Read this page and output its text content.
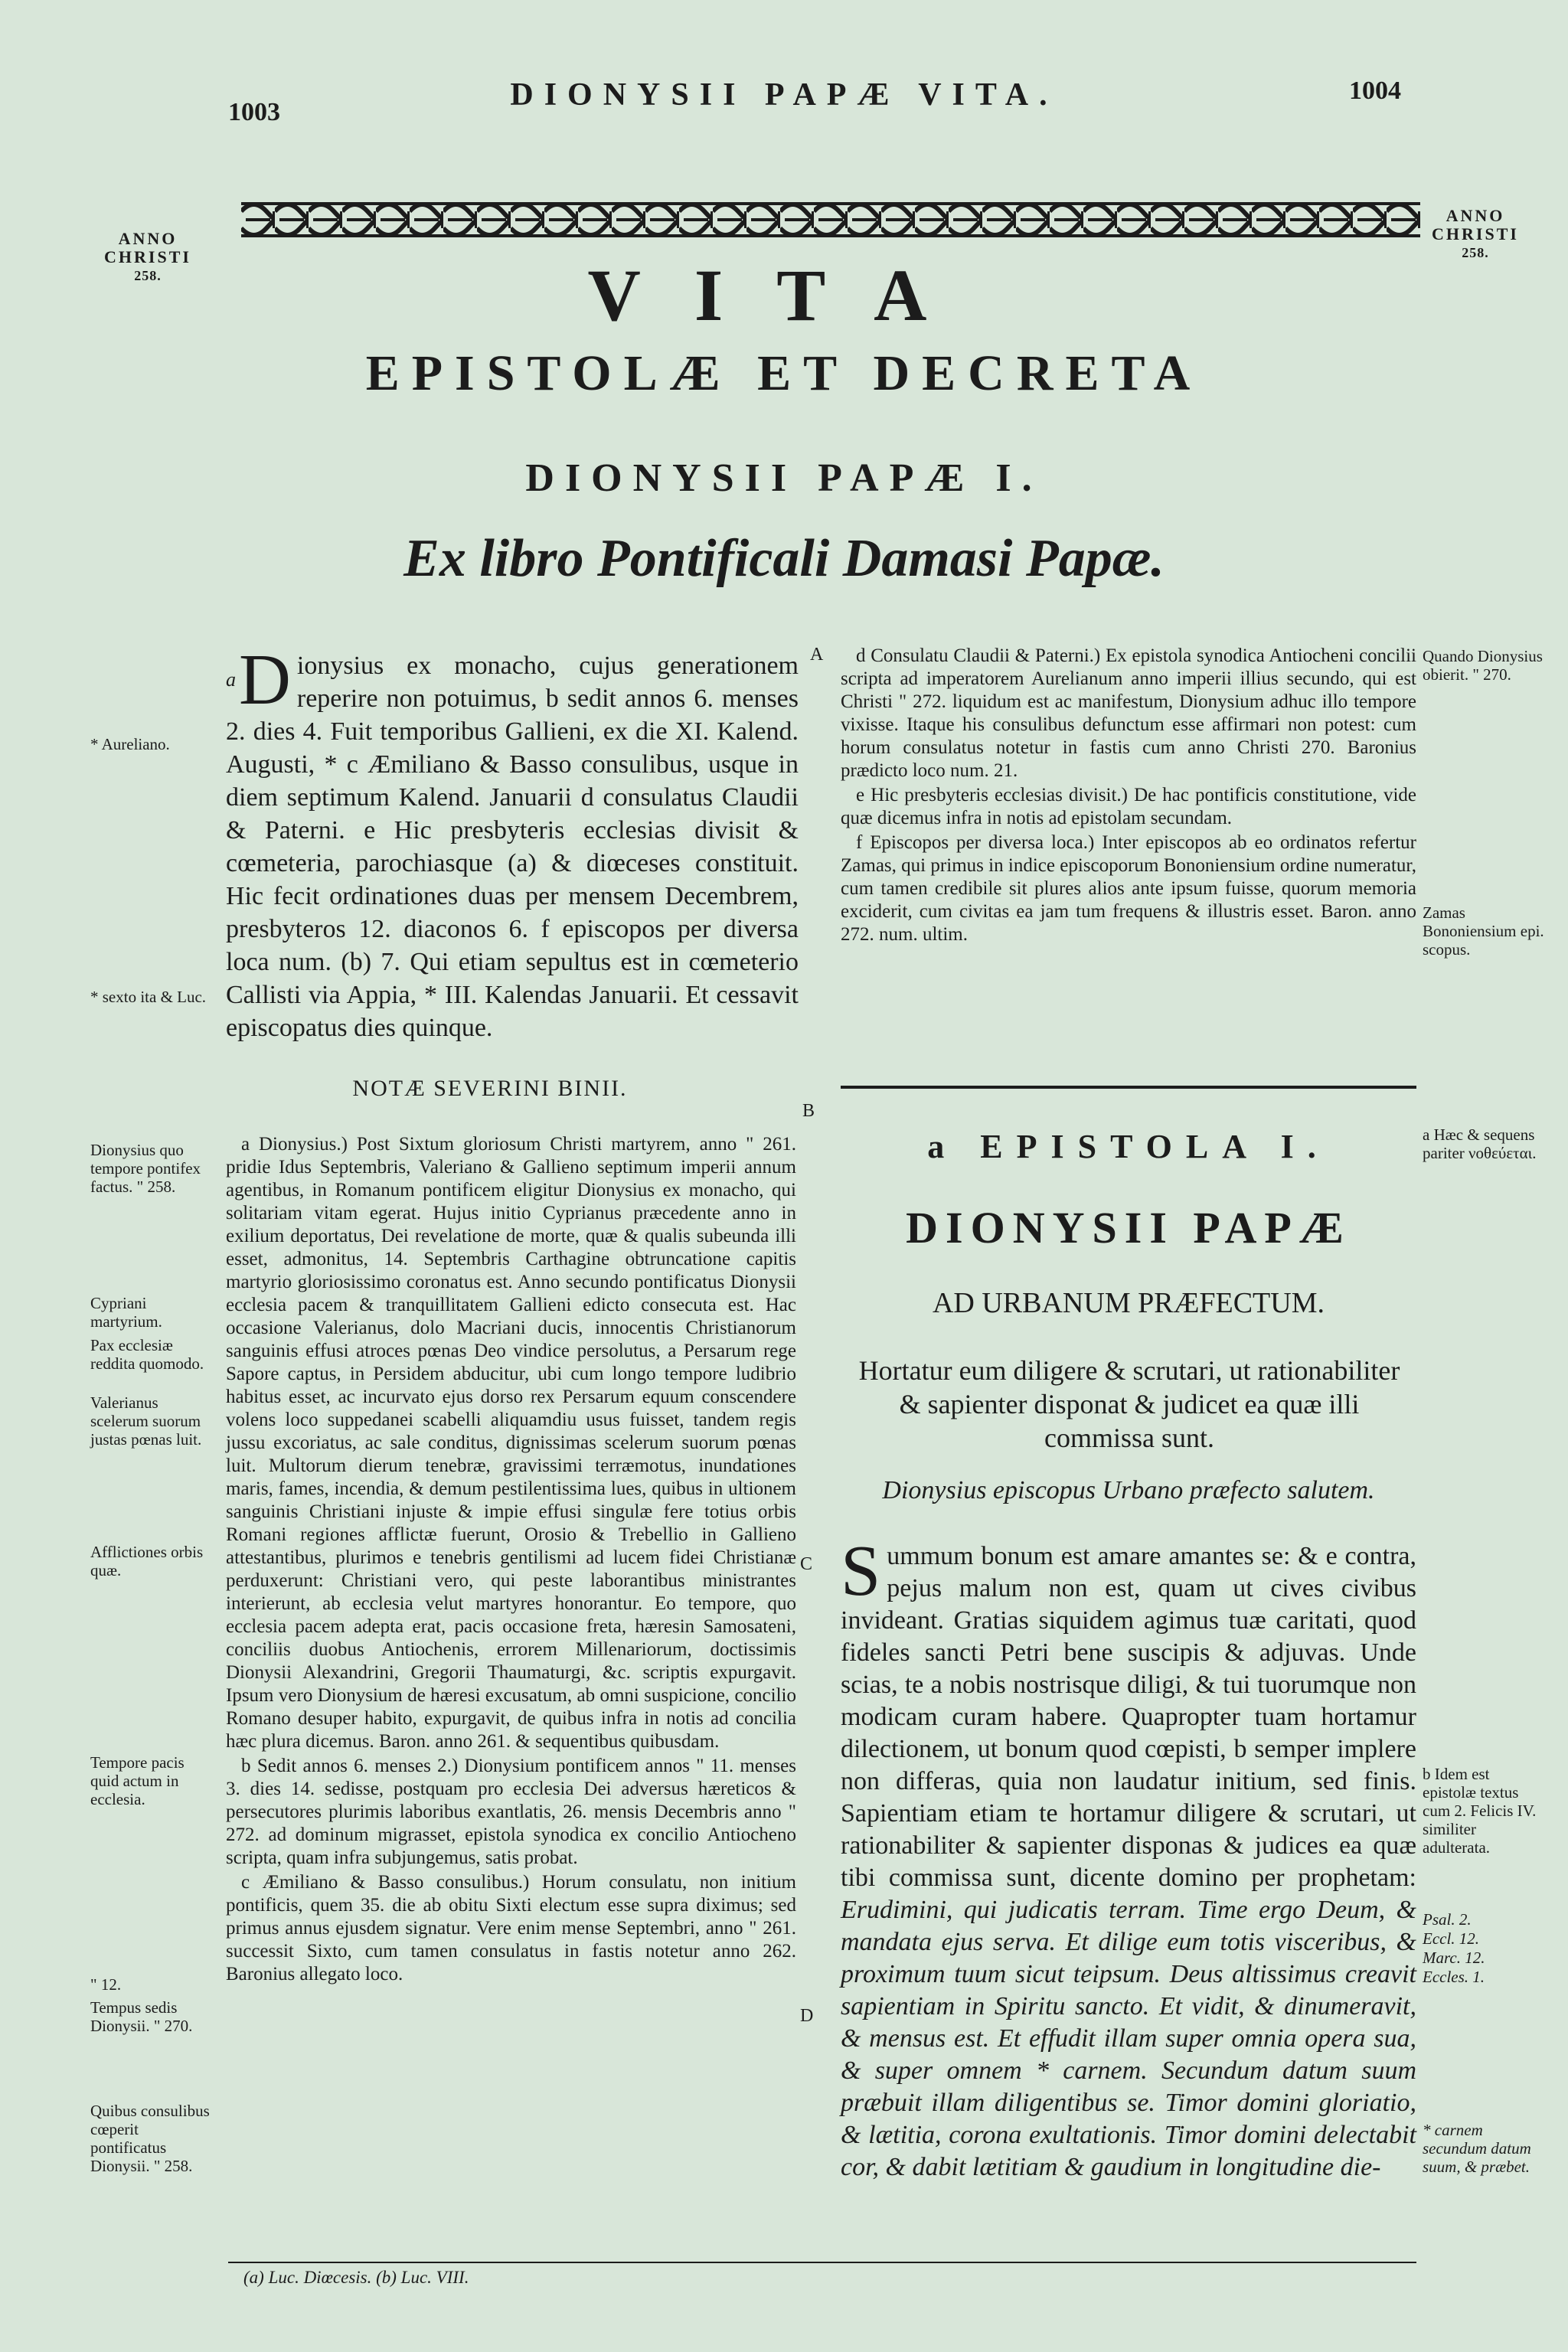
1003
1004
DIONYSII PAPÆ VITA.
ANNO
CHRISTI
258.
ANNO
CHRISTI
258.
VITA
EPISTOLÆ ET DECRETA
DIONYSII PAPÆ I.
Ex libro Pontificali Damasi Papæ.
* Aureliano.
* sexto ita & Luc.
Dionysius quo tempore pontifex factus. " 258.
Cypriani martyrium.
Pax ecclesiæ reddita quomodo.
Valerianus scelerum suorum justas pœnas luit.
Afflictiones orbis quæ.
Tempore pacis quid actum in ecclesia.
" 12.
Tempus sedis Dionysii. " 270.
Quibus consulibus cœperit pontificatus Dionysii. " 258.
A
B
C
D

a D ionysius ex monacho, cujus generationem reperire non potuimus, b sedit annos 6. menses 2. dies 4. Fuit temporibus Gallieni, ex die XI. Kalend. Augusti, * c Æmiliano & Basso consulibus, usque in diem septimum Kalend. Januarii d consulatus Claudii & Paterni. e Hic presbyteris ecclesias divisit & cœmeteria, parochiasque (a) & diœceses constituit. Hic fecit ordinationes duas per mensem Decembrem, presbyteros 12. diaconos 6. f episcopos per diversa loca num. (b) 7. Qui etiam sepultus est in cœmeterio Callisti via Appia, * III. Kalendas Januarii. Et cessavit episcopatus dies quinque.

NOTÆ SEVERINI BINII.

a Dionysius.) Post Sixtum gloriosum Christi martyrem, anno " 261. pridie Idus Septembris, Valeriano & Gallieno septimum imperii annum agentibus, in Romanum pontificem eligitur Dionysius ex monacho, qui solitariam vitam egerat. Hujus initio Cyprianus præcedente anno in exilium deportatus, Dei revelatione de morte, quæ & qualis subeunda illi esset, admonitus, 14. Septembris Carthagine obtruncatione capitis martyrio gloriosissimo coronatus est. Anno secundo pontificatus Dionysii ecclesia pacem & tranquillitatem Gallieni edicto consecuta est. Hac occasione Valerianus, dolo Macriani ducis, innocentis Christianorum sanguinis effusi atroces pœnas Deo vindice persolutus, a Persarum rege Sapore captus, in Persidem abducitur, ubi cum longo tempore ludibrio habitus esset, ac incurvato ejus dorso rex Persarum equum conscendere volens loco suppedanei scabelli aliquamdiu usus fuisset, tandem regis jussu excoriatus, ac sale conditus, dignissimas scelerum suorum pœnas luit. Multorum dierum tenebræ, gravissimi terræmotus, inundationes maris, fames, incendia, & demum pestilentissima lues, quibus in ultionem sanguinis Christiani injuste & impie effusi singulæ fere totius orbis Romani regiones afflictæ fuerunt, Orosio & Trebellio in Gallieno attestantibus, plurimos e tenebris gentilismi ad lucem fidei Christianæ perduxerunt: Christiani vero, qui peste laborantibus ministrantes interierunt, ab ecclesia velut martyres honorantur. Eo tempore, quo ecclesia pacem adepta erat, pacis occasione freta, hæresin Samosateni, conciliis duobus Antiochenis, errorem Millenariorum, doctissimis Dionysii Alexandrini, Gregorii Thaumaturgi, &c. scriptis expurgavit. Ipsum vero Dionysium de hæresi excusatum, ab omni suspicione, concilio Romano desuper habito, expurgavit, de quibus infra in notis ad concilia hæc plura dicemus. Baron. anno 261. & sequentibus quibusdam.

b Sedit annos 6. menses 2.) Dionysium pontificem annos " 11. menses 3. dies 14. sedisse, postquam pro ecclesia Dei adversus hæreticos & persecutores plurimis laboribus exantlatis, 26. mensis Decembris anno " 272. ad dominum migrasset, epistola synodica ex concilio Antiocheno scripta, quam infra subjungemus, satis probat.

c Æmiliano & Basso consulibus.) Horum consulatu, non initium pontificis, quem 35. die ab obitu Sixti electum esse supra diximus; sed primus annus ejusdem signatur. Vere enim mense Septembri, anno " 261. successit Sixto, cum tamen consulatus in fastis notetur anno 262. Baronius allegato loco.

d Consulatu Claudii & Paterni.) Ex epistola synodica Antiocheni concilii scripta ad imperatorem Aurelianum anno imperii illius secundo, qui est Christi " 272. liquidum est ac manifestum, Dionysium adhuc illo tempore vixisse. Itaque his consulibus defunctum esse affirmari non potest: cum horum consulatus notetur in fastis cum anno Christi 270. Baronius prædicto loco num. 21.

e Hic presbyteris ecclesias divisit.) De hac pontificis constitutione, vide quæ dicemus infra in notis ad epistolam secundam.

f Episcopos per diversa loca.) Inter episcopos ab eo ordinatos refertur Zamas, qui primus in indice episcoporum Bononiensium ordine numeratur, cum tamen credibile sit plures alios ante ipsum fuisse, quorum memoria exciderit, cum civitas ea jam tum frequens & illustris esset. Baron. anno 272. num. ultim.

Quando Dionysius obierit. " 270.
Zamas Bononiensium epi. scopus.
a Hæc & sequens pariter νοθεύεται.
b Idem est epistolæ textus cum 2. Felicis IV. similiter adulterata.
Psal. 2.
Eccl. 12.
Marc. 12.
Eccles. 1.
* carnem secundum datum suum, & præbet.
a EPISTOLA I.
DIONYSII PAPÆ
AD URBANUM PRÆFECTUM.
Hortatur eum diligere & scrutari, ut rationabiliter & sapienter disponat & judicet ea quæ illi commissa sunt.
Dionysius episcopus Urbano præfecto salutem.

Summum bonum est amare amantes se: & e contra, pejus malum non est, quam ut cives civibus invideant. Gratias siquidem agimus tuæ caritati, quod fideles sancti Petri bene suscipis & adjuvas. Unde scias, te a nobis nostrisque diligi, & tui tuorumque non modicam curam habere. Quapropter tuam hortamur dilectionem, ut bonum quod cœpisti, b semper implere non differas, quia non laudatur initium, sed finis. Sapientiam etiam te hortamur diligere & scrutari, ut rationabiliter & sapienter disponas & judices ea quæ tibi commissa sunt, dicente domino per prophetam: Erudimini, qui judicatis terram. Time ergo Deum, & mandata ejus serva. Et dilige eum totis visceribus, & proximum tuum sicut teipsum. Deus altissimus creavit sapientiam in Spiritu sancto. Et vidit, & dinumeravit, & mensus est. Et effudit illam super omnia opera sua, & super omnem * carnem. Secundum datum suum præbuit illam diligentibus se. Timor domini gloriatio, & lætitia, corona exultationis. Timor domini delectabit cor, & dabit lætitiam & gaudium in longitudine die-

(a) Luc. Diœcesis. (b) Luc. VIII.
